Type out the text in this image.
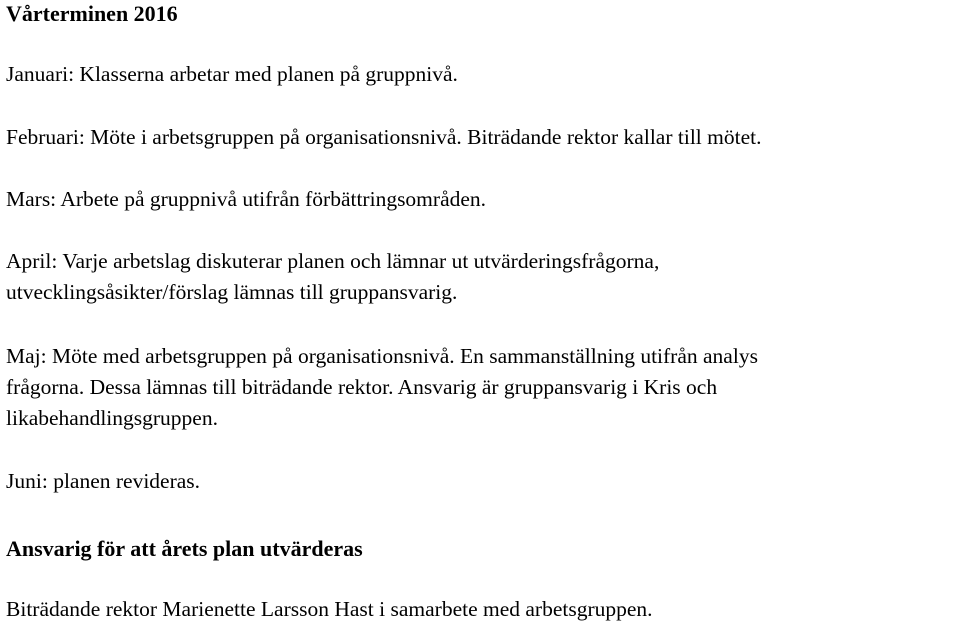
Vårterminen 2016

Januari: Klasserna arbetar med planen på gruppnivå.

Februari: Möte i arbetsgruppen på organisationsnivå. Biträdande rektor kallar till mötet.

Mars: Arbete på gruppnivå utifrån förbättringsområden.

April: Varje arbetslag diskuterar planen och lämnar ut utvärderingsfrågorna,
utvecklingsåsikter/förslag lämnas till gruppansvarig.

Maj: Möte med arbetsgruppen på organisationsnivå. En sammanställning utifrån analys
frågorna. Dessa lämnas till biträdande rektor. Ansvarig är gruppansvarig i Kris och
likabehandlingsgruppen.

Juni: planen revideras.

Ansvarig för att årets plan utvärderas

Biträdande rektor Marienette Larsson Hast i samarbete med arbetsgruppen.
